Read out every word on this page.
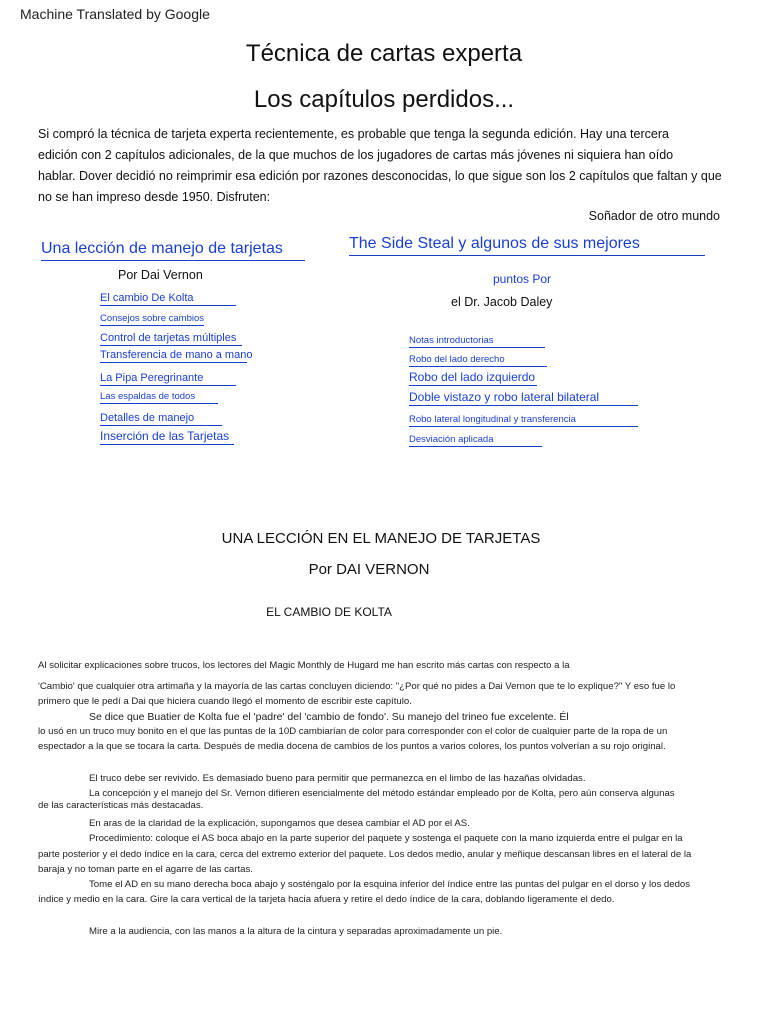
Machine Translated by Google
Técnica de cartas experta
Los capítulos perdidos...
Si compró la técnica de tarjeta experta recientemente, es probable que tenga la segunda edición. Hay una tercera
edición con 2 capítulos adicionales, de la que muchos de los jugadores de cartas más jóvenes ni siquiera han oído
hablar. Dover decidió no reimprimir esa edición por razones desconocidas, lo que sigue son los 2 capítulos que faltan y que
no se han impreso desde 1950. Disfruten:
Soñador de otro mundo
Una lección de manejo de tarjetas
Por Dai Vernon
El cambio De Kolta
Consejos sobre cambios
Control de tarjetas múltiples
Transferencia de mano a mano
La Pipa Peregrinante
Las espaldas de todos
Detalles de manejo
Inserción de las Tarjetas
The Side Steal y algunos de sus mejores
puntos Por
el Dr. Jacob Daley
Notas introductorias
Robo del lado derecho
Robo del lado izquierdo
Doble vistazo y robo lateral bilateral
Robo lateral longitudinal y transferencia
Desviación aplicada
UNA LECCIÓN EN EL MANEJO DE TARJETAS
Por DAI VERNON
EL CAMBIO DE KOLTA
Al solicitar explicaciones sobre trucos, los lectores del Magic Monthly de Hugard me han escrito más cartas con respecto a la
'Cambio' que cualquier otra artimaña y la mayoría de las cartas concluyen diciendo: "¿Por qué no pides a Dai Vernon que te lo explique?" Y eso fue lo
primero que le pedí a Dai que hiciera cuando llegó el momento de escribir este capítulo.
Se dice que Buatier de Kolta fue el 'padre' del 'cambio de fondo'. Su manejo del trineo fue excelente. Él
lo usó en un truco muy bonito en el que las puntas de la 10D cambiarían de color para corresponder con el color de cualquier parte de la ropa de un
espectador a la que se tocara la carta. Después de media docena de cambios de los puntos a varios colores, los puntos volverían a su rojo original.
El truco debe ser revivido. Es demasiado bueno para permitir que permanezca en el limbo de las hazañas olvidadas.
La concepción y el manejo del Sr. Vernon difieren esencialmente del método estándar empleado por de Kolta, pero aún conserva algunas
de las características más destacadas.
En aras de la claridad de la explicación, supongamos que desea cambiar el AD por el AS.
Procedimiento: coloque el AS boca abajo en la parte superior del paquete y sostenga el paquete con la mano izquierda entre el pulgar en la
parte posterior y el dedo índice en la cara, cerca del extremo exterior del paquete. Los dedos medio, anular y meñique descansan libres en el lateral de la
baraja y no toman parte en el agarre de las cartas.
Tome el AD en su mano derecha boca abajo y sosténgalo por la esquina inferior del índice entre las puntas del pulgar en el dorso y los dedos
índice y medio en la cara. Gire la cara vertical de la tarjeta hacia afuera y retire el dedo índice de la cara, doblando ligeramente el dedo.
Mire a la audiencia, con las manos a la altura de la cintura y separadas aproximadamente un pie.
